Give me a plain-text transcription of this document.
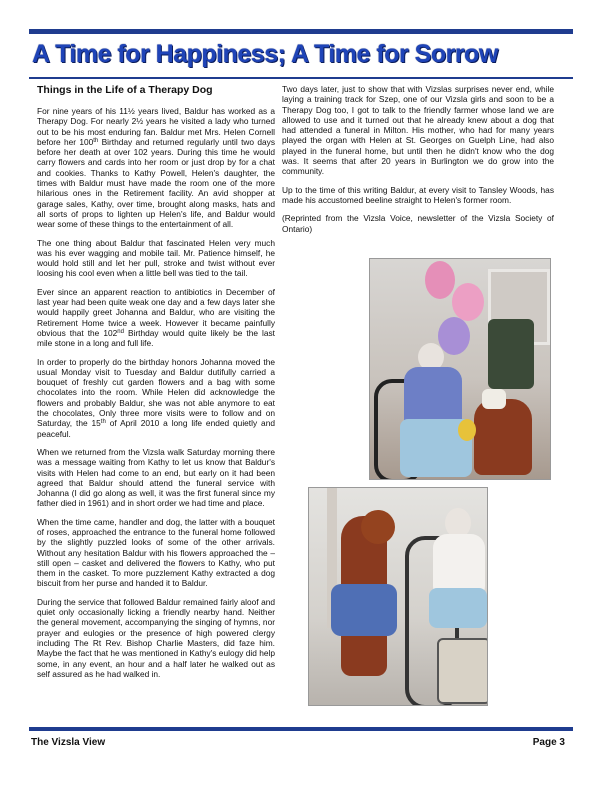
A Time for Happiness; A Time for Sorrow
Things in the Life of a Therapy Dog

For nine years of his 11½ years lived, Baldur has worked as a Therapy Dog. For nearly 2½ years he visited a lady who turned out to be his most enduring fan. Baldur met Mrs. Helen Cornell before her 100th Birthday and returned regularly until two days before her death at over 102 years. During this time he would carry flowers and cards into her room or just drop by for a chat and cookies. Thanks to Kathy Powell, Helen's daughter, the times with Baldur must have made the room one of the more hilarious ones in the Retirement facility. An avid shopper at garage sales, Kathy, over time, brought along masks, hats and all sorts of props to lighten up Helen's life, and Baldur would wear some of these things to the entertainment of all.

The one thing about Baldur that fascinated Helen very much was his ever wagging and mobile tail. Mr. Patience himself, he would hold still and let her pull, stroke and twist without ever loosing his cool even when a little bell was tied to the tail.

Ever since an apparent reaction to antibiotics in December of last year had been quite weak one day and a few days later she would happily greet Johanna and Baldur, who are visiting the Retirement Home twice a week. However it became painfully obvious that the 102nd Birthday would quite likely be the last mile stone in a long and full life.

In order to properly do the birthday honors Johanna moved the usual Monday visit to Tuesday and Baldur dutifully carried a bouquet of freshly cut garden flowers and a bag with some chocolates into the room. While Helen did acknowledge the flowers and probably Baldur, she was not able anymore to eat the chocolates, Only three more visits were to follow and on Saturday, the 15th of April 2010 a long life ended quietly and peaceful.

When we returned from the Vizsla walk Saturday morning there was a message waiting from Kathy to let us know that Baldur's visits with Helen had come to an end, but early on it had been agreed that Baldur should attend the funeral service with Johanna (I did go along as well, it was the first funeral since my father died in 1961) and in short order we had time and place.

When the time came, handler and dog, the latter with a bouquet of roses, approached the entrance to the funeral home followed by the slightly puzzled looks of some of the other arrivals. Without any hesitation Baldur with his flowers approached the – still open – casket and delivered the flowers to Kathy, who put them in the casket. To more puzzlement Kathy extracted a dog biscuit from her purse and handed it to Baldur.

During the service that followed Baldur remained fairly aloof and quiet only occasionally licking a friendly nearby hand. Neither the general movement, accompanying the singing of hymns, nor prayer and eulogies or the presence of high powered clergy including The Rt Rev. Bishop Charlie Masters, did faze him. Maybe the fact that he was mentioned in Kathy's eulogy did help some, in any event, an hour and a half later he walked out as self assured as he had walked in.

Two days later, just to show that with Vizslas surprises never end, while laying a training track for Szep, one of our Vizsla girls and soon to be a Therapy Dog too, I got to talk to the friendly farmer whose land we are allowed to use and it turned out that he already knew about a dog that had attended a funeral in Milton. His mother, who had for many years played the organ with Helen at St. Georges on Guelph Line, had also played in the funeral home, but until then he didn't know who the dog was. It seems that after 20 years in Burlington we do grow into the community.

Up to the time of this writing Baldur, at every visit to Tansley Woods, has made his accustomed beeline straight to Helen's former room.

(Reprinted from the Vizsla Voice, newsletter of the Vizsla Society of Ontario)

The Vizsla View	Page 3
